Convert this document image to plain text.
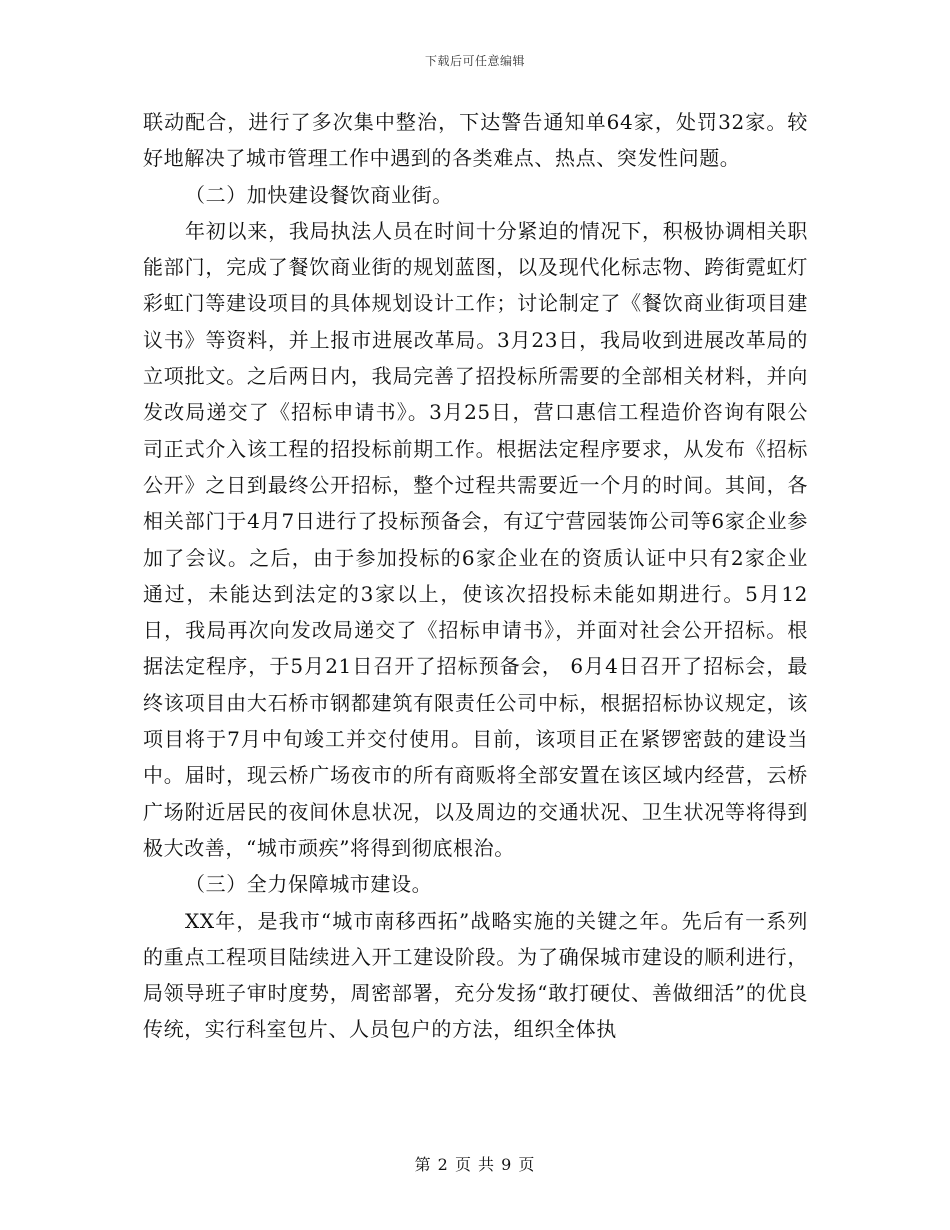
下载后可任意编辑

联动配合，进行了多次集中整治，下达警告通知单64家，处罚32家。较好地解决了城市管理工作中遇到的各类难点、热点、突发性问题。

（二）加快建设餐饮商业街。

年初以来，我局执法人员在时间十分紧迫的情况下，积极协调相关职能部门，完成了餐饮商业街的规划蓝图，以及现代化标志物、跨街霓虹灯彩虹门等建设项目的具体规划设计工作；讨论制定了《餐饮商业街项目建议书》等资料，并上报市进展改革局。3月23日，我局收到进展改革局的立项批文。之后两日内，我局完善了招投标所需要的全部相关材料，并向发改局递交了《招标申请书》。3月25日，营口惠信工程造价咨询有限公司正式介入该工程的招投标前期工作。根据法定程序要求，从发布《招标公开》之日到最终公开招标，整个过程共需要近一个月的时间。其间，各相关部门于4月7日进行了投标预备会，有辽宁营园装饰公司等6家企业参加了会议。之后，由于参加投标的6家企业在的资质认证中只有2家企业通过，未能达到法定的3家以上，使该次招投标未能如期进行。5月12日，我局再次向发改局递交了《招标申请书》，并面对社会公开招标。根据法定程序，于5月21日召开了招标预备会， 6月4日召开了招标会，最终该项目由大石桥市钢都建筑有限责任公司中标，根据招标协议规定，该项目将于7月中旬竣工并交付使用。目前，该项目正在紧锣密鼓的建设当中。届时，现云桥广场夜市的所有商贩将全部安置在该区域内经营，云桥广场附近居民的夜间休息状况，以及周边的交通状况、卫生状况等将得到极大改善，“城市顽疾”将得到彻底根治。

（三）全力保障城市建设。

XX年，是我市“城市南移西拓”战略实施的关键之年。先后有一系列的重点工程项目陆续进入开工建设阶段。为了确保城市建设的顺利进行，局领导班子审时度势，周密部署，充分发扬“敢打硬仗、善做细活”的优良传统，实行科室包片、人员包户的方法，组织全体执

第 2 页 共 9 页
